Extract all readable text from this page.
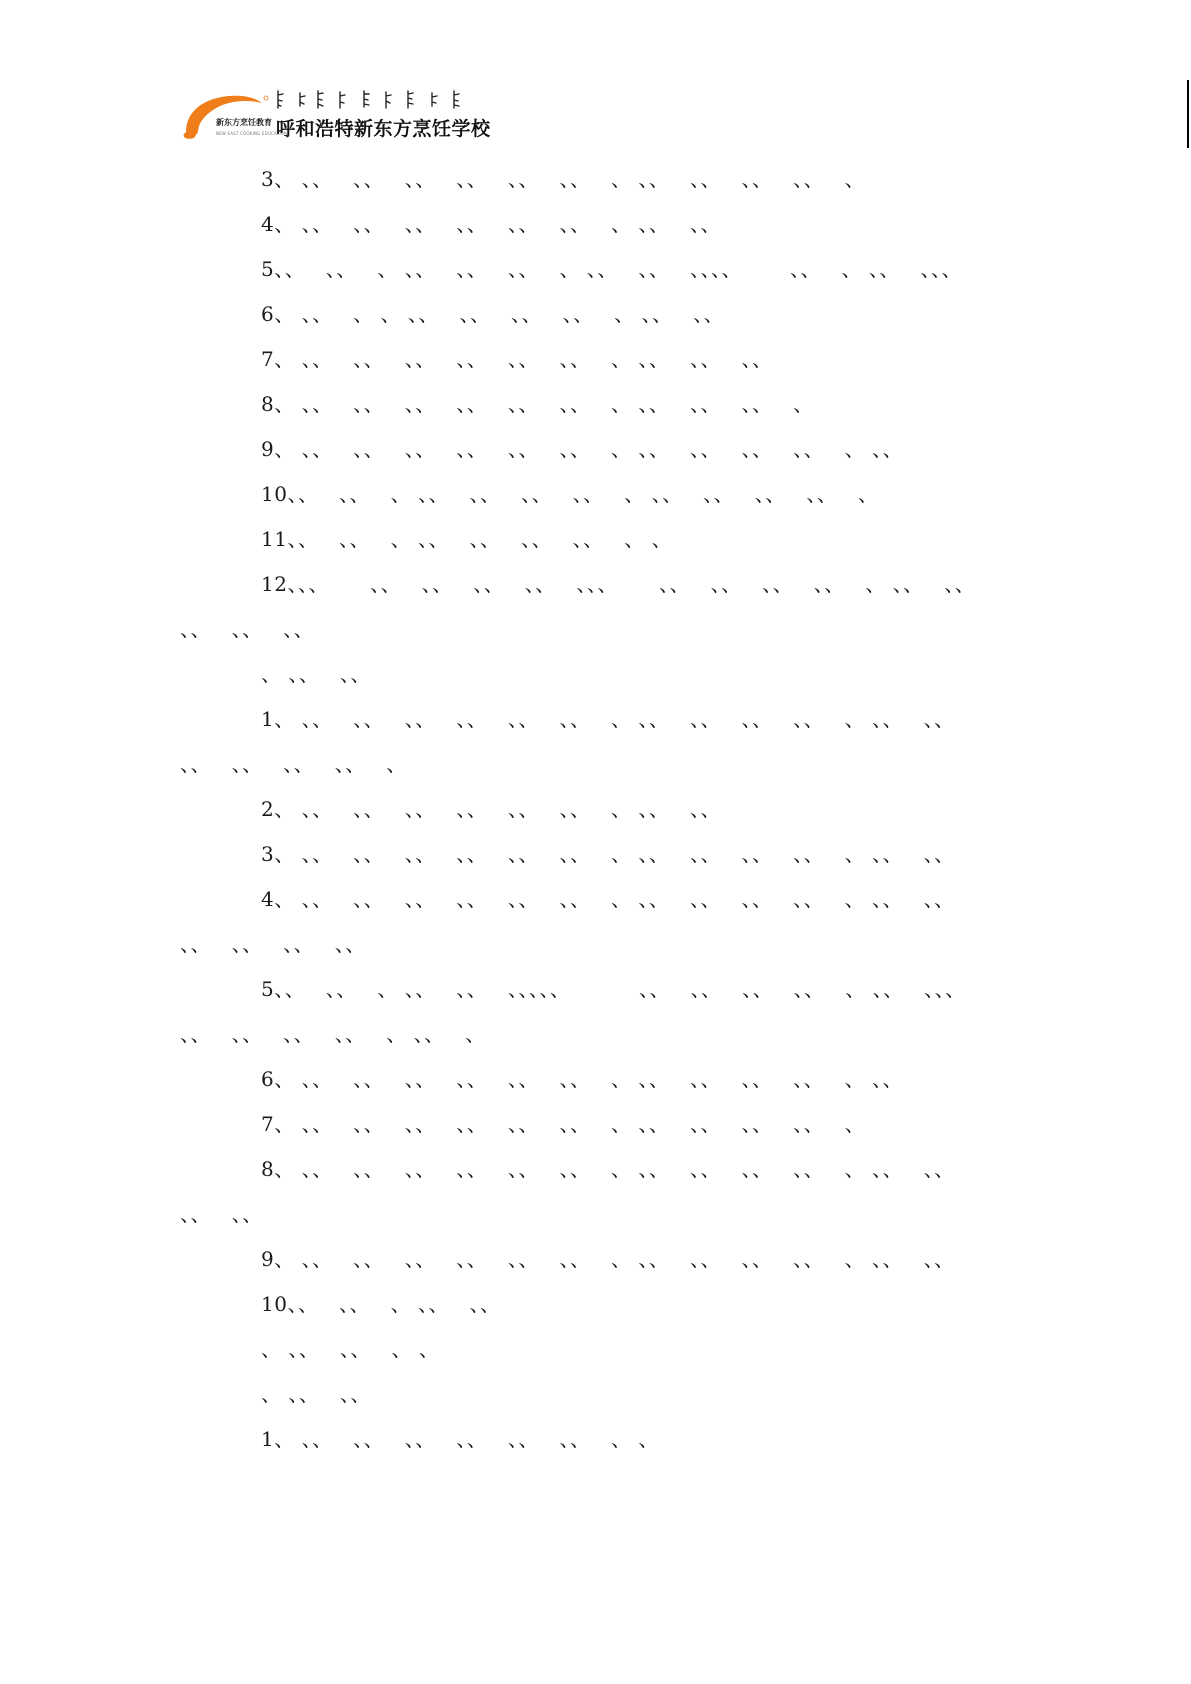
新东方烹饪教育
NEW EAST COOKING EDUCATION
呼和浩特新东方烹饪学校
3、 、、   、、   、、   、、   、、   、、   、 、、   、、   、、   、、   、
4、 、、   、、   、、   、、   、、   、、   、 、、   、、
5、、   、、   、 、、   、、   、、   、 、、   、、   、、、、       、、   、 、、   、、、
6、 、、   、 、 、、   、、   、、   、、   、 、、   、、
7、 、、   、、   、、   、、   、、   、、   、 、、   、、   、、
8、 、、   、、   、、   、、   、、   、、   、 、、   、、   、、   、
9、 、、   、、   、、   、、   、、   、、   、 、、   、、   、、   、、   、 、、
10、、   、、   、 、、   、、   、、   、、   、 、、   、、   、、   、、   、
11、、   、、   、 、、   、、   、、   、、   、 、
12、、、      、、   、、   、、   、、   、、、      、、   、、   、、   、、   、 、、   、、
、、   、、   、、
、 、、   、、
1、 、、   、、   、、   、、   、、   、、   、 、、   、、   、、   、、   、 、、   、、
、、   、、   、、   、、   、
2、 、、   、、   、、   、、   、、   、、   、 、、   、、
3、 、、   、、   、、   、、   、、   、、   、 、、   、、   、、   、、   、 、、   、、
4、 、、   、、   、、   、、   、、   、、   、 、、   、、   、、   、、   、 、、   、、
、、   、、   、、   、、
5、、   、、   、 、、   、、   、、、、、          、、   、、   、、   、、   、 、、   、、、
、、   、、   、、   、、   、 、、   、
6、 、、   、、   、、   、、   、、   、、   、 、、   、、   、、   、、   、 、、
7、 、、   、、   、、   、、   、、   、、   、 、、   、、   、、   、、   、
8、 、、   、、   、、   、、   、、   、、   、 、、   、、   、、   、、   、 、、   、、
、、   、、
9、 、、   、、   、、   、、   、、   、、   、 、、   、、   、、   、、   、 、、   、、
10、、   、、   、 、、   、、
、 、、   、、   、 、
、 、、   、、
1、 、、   、、   、、   、、   、、   、、   、 、
